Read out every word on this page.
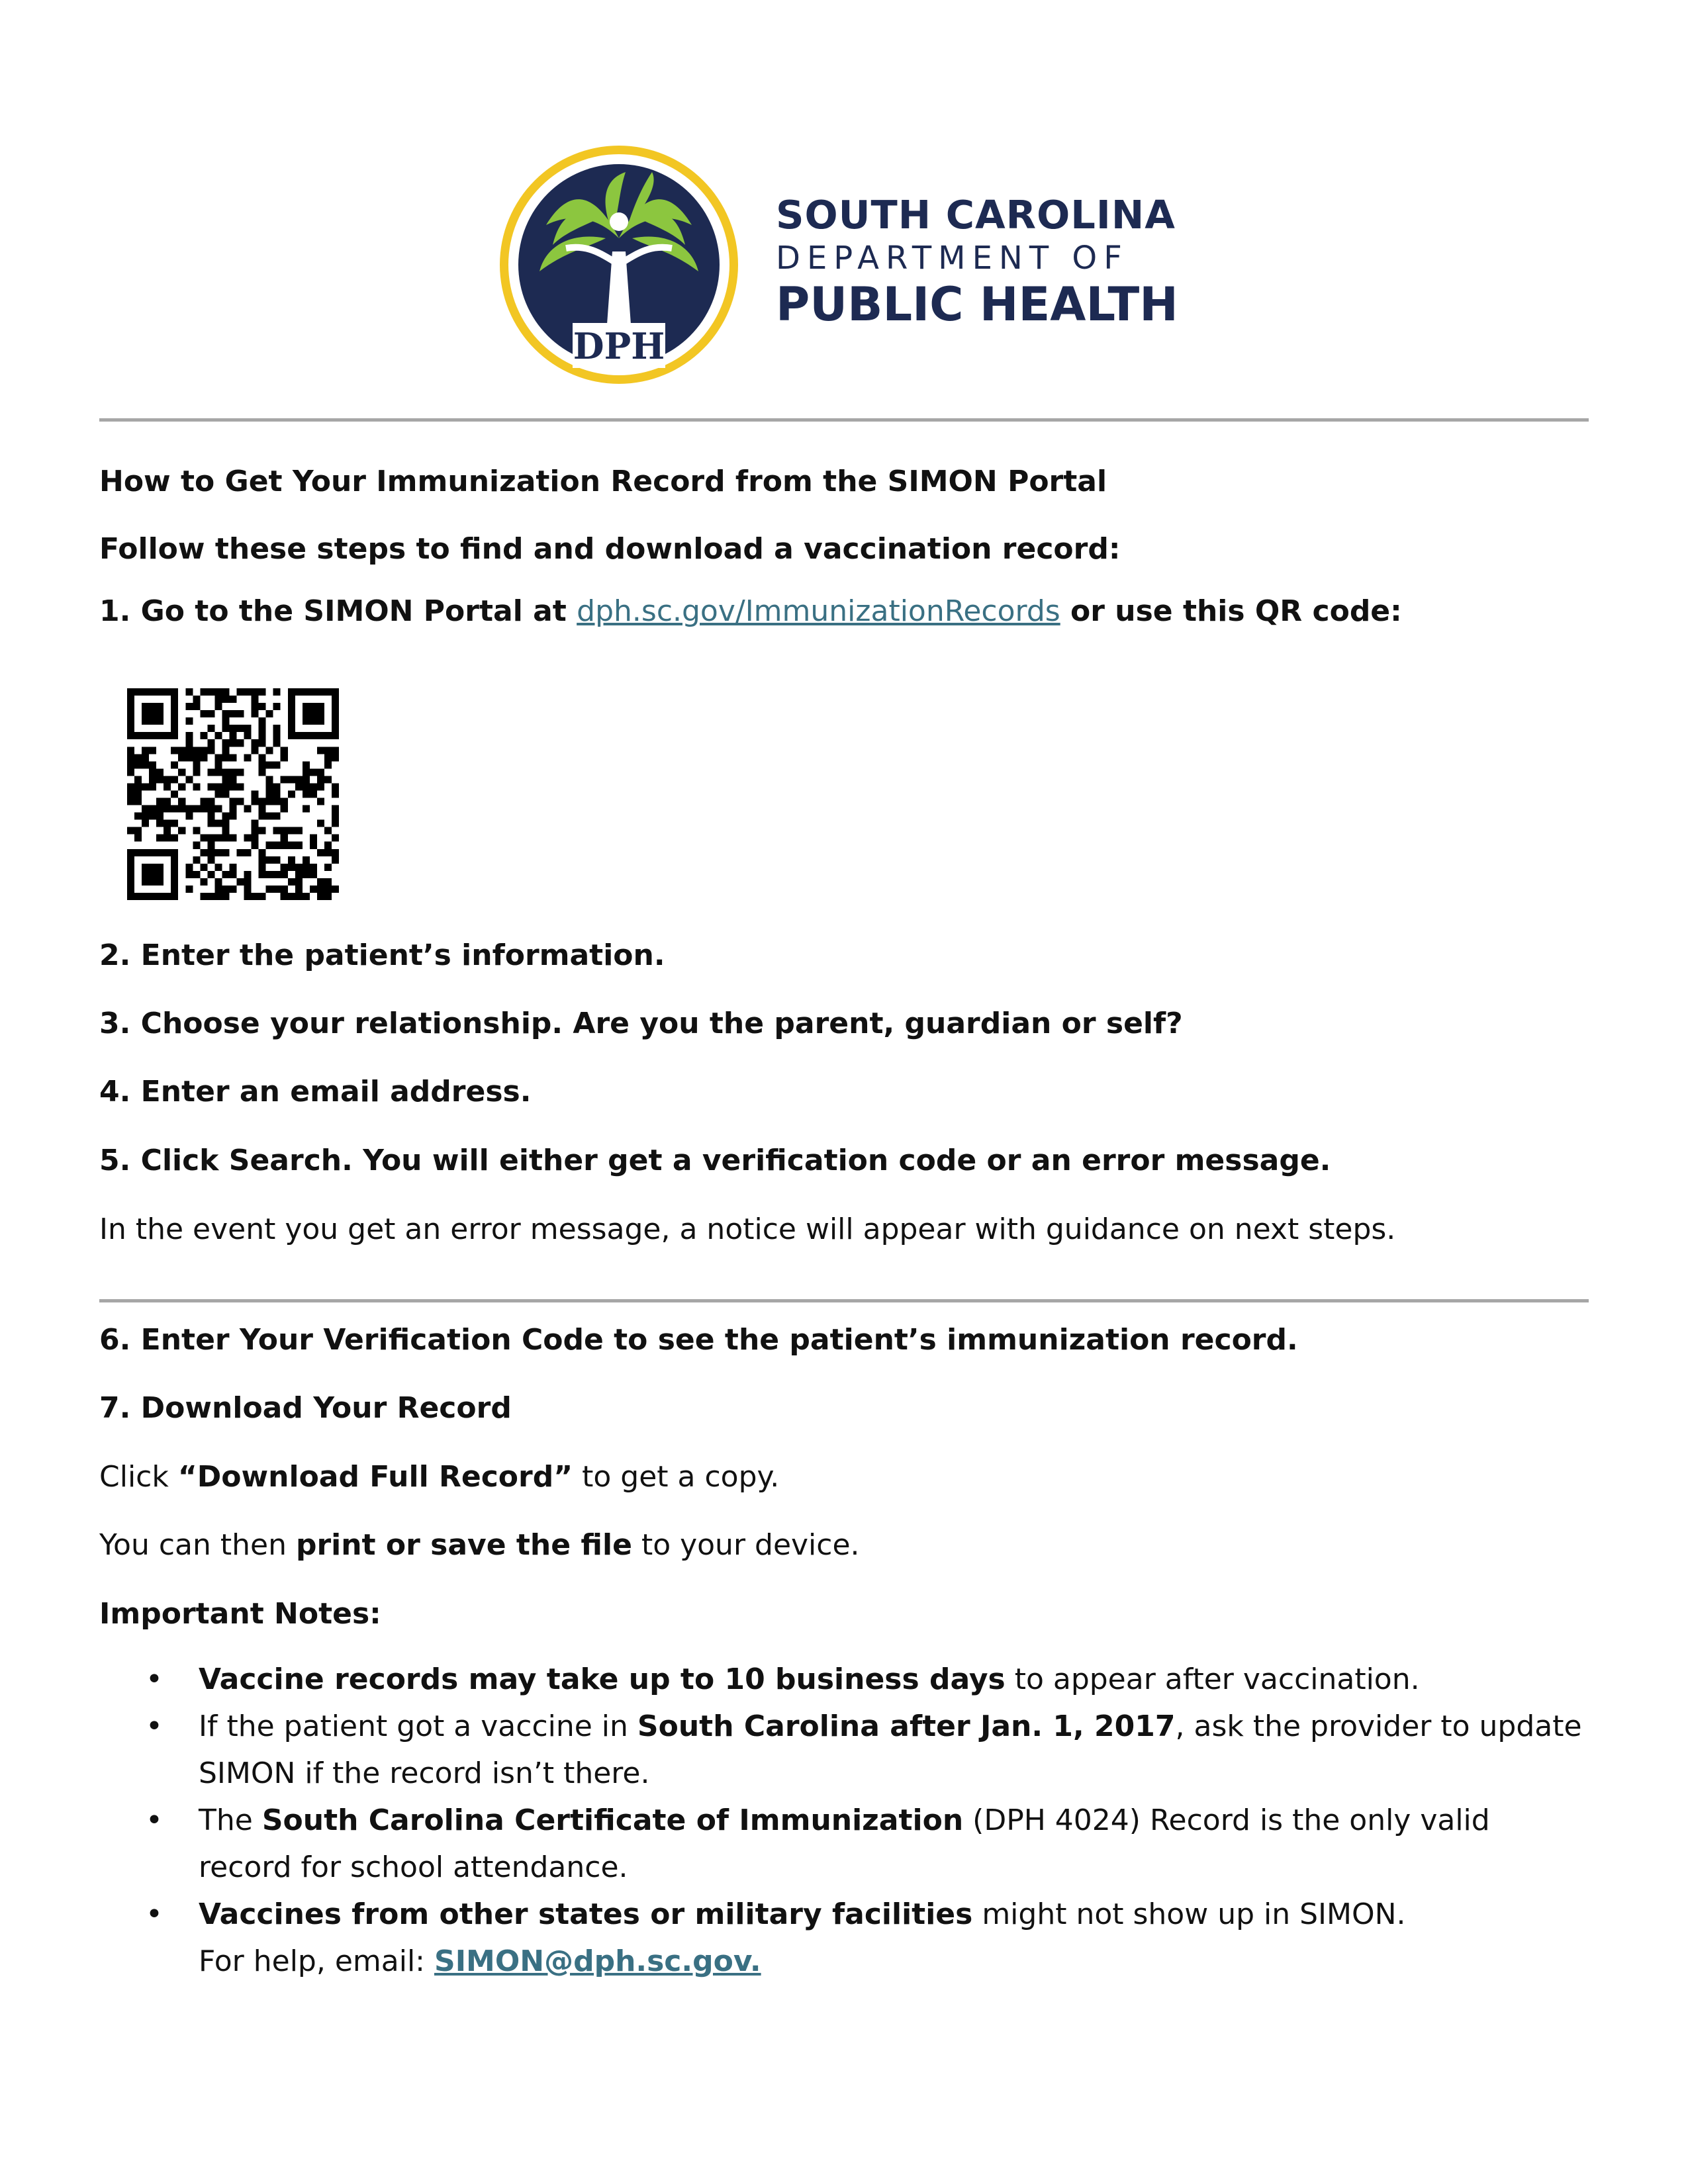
DPH
SOUTH CAROLINA
DEPARTMENT OF
PUBLIC HEALTH
How to Get Your Immunization Record from the SIMON Portal
Follow these steps to find and download a vaccination record:
1. Go to the SIMON Portal at dph.sc.gov/ImmunizationRecords or use this QR code:
2. Enter the patient’s information.
3. Choose your relationship. Are you the parent, guardian or self?
4. Enter an email address.
5. Click Search. You will either get a verification code or an error message.
In the event you get an error message, a notice will appear with guidance on next steps.
6. Enter Your Verification Code to see the patient’s immunization record.
7. Download Your Record
Click “Download Full Record” to get a copy.
You can then print or save the file to your device.
Important Notes:
• Vaccine records may take up to 10 business days to appear after vaccination.
• If the patient got a vaccine in South Carolina after Jan. 1, 2017, ask the provider to update SIMON if the record isn’t there.
• The South Carolina Certificate of Immunization (DPH 4024) Record is the only valid record for school attendance.
• Vaccines from other states or military facilities might not show up in SIMON.
For help, email: SIMON@dph.sc.gov.
